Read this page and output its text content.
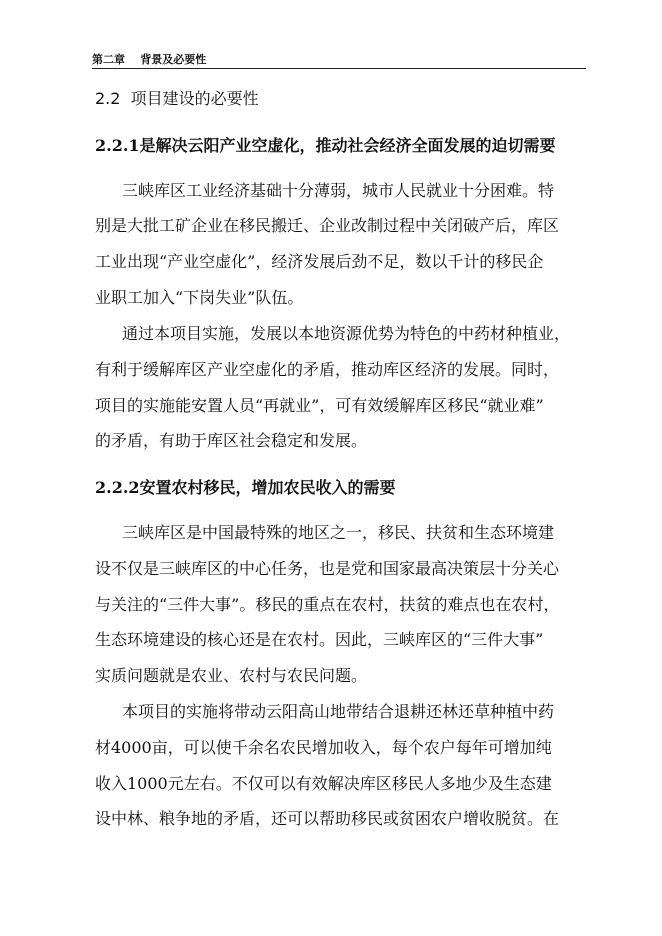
第二章 背景及必要性
2.2 项目建设的必要性
2.2.1是解决云阳产业空虚化，推动社会经济全面发展的迫切需要
三峡库区工业经济基础十分薄弱，城市人民就业十分困难。特
别是大批工矿企业在移民搬迁、企业改制过程中关闭破产后，库区
工业出现“产业空虚化”，经济发展后劲不足，数以千计的移民企
业职工加入“下岗失业”队伍。
通过本项目实施，发展以本地资源优势为特色的中药材种植业，
有利于缓解库区产业空虚化的矛盾，推动库区经济的发展。同时，
项目的实施能安置人员“再就业”，可有效缓解库区移民“就业难”
的矛盾，有助于库区社会稳定和发展。
2.2.2安置农村移民，增加农民收入的需要
三峡库区是中国最特殊的地区之一，移民、扶贫和生态环境建
设不仅是三峡库区的中心任务，也是党和国家最高决策层十分关心
与关注的“三件大事”。移民的重点在农村，扶贫的难点也在农村，
生态环境建设的核心还是在农村。因此，三峡库区的“三件大事”
实质问题就是农业、农村与农民问题。
本项目的实施将带动云阳高山地带结合退耕还林还草种植中药
材4000亩，可以使千余名农民增加收入，每个农户每年可增加纯
收入1000元左右。不仅可以有效解决库区移民人多地少及生态建
设中林、粮争地的矛盾，还可以帮助移民或贫困农户增收脱贫。在
